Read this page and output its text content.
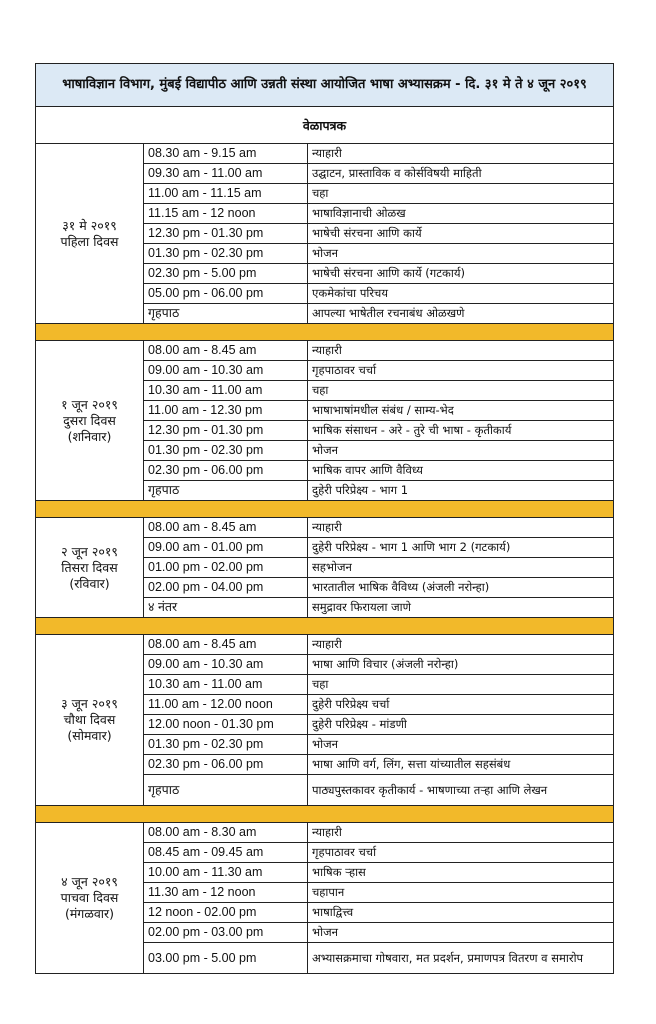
भाषाविज्ञान विभाग, मुंबई विद्यापीठ आणि उन्नती संस्था आयोजित भाषा अभ्यासक्रम - दि. ३१ मे ते ४ जून २०१९		
वेळापत्रक		

३१ मे २०१९
पहिला दिवस	08.30 am - 9.15 am	न्याहारी
	09.30 am - 11.00 am	उद्घाटन, प्रास्ताविक व कोर्सविषयी माहिती
	11.00 am - 11.15 am	चहा
	11.15 am - 12 noon	भाषाविज्ञानाची ओळख
	12.30 pm - 01.30 pm	भाषेची संरचना आणि कार्ये
	01.30 pm - 02.30 pm	भोजन
	02.30 pm - 5.00 pm	भाषेची संरचना आणि कार्ये (गटकार्य)
	05.00 pm - 06.00 pm	एकमेकांचा परिचय
	गृहपाठ	आपल्या भाषेतील रचनाबंध ओळखणे

१ जून २०१९
दुसरा दिवस
(शनिवार)	08.00 am - 8.45 am	न्याहारी
	09.00 am - 10.30 am	गृहपाठावर चर्चा
	10.30 am - 11.00 am	चहा
	11.00 am - 12.30 pm	भाषाभाषांमधील संबंध / साम्य-भेद
	12.30 pm - 01.30 pm	भाषिक संसाधन - अरे - तुरे ची भाषा - कृतीकार्य
	01.30 pm - 02.30 pm	भोजन
	02.30 pm - 06.00 pm	भाषिक वापर आणि वैविध्य
	गृहपाठ	दुहेरी परिप्रेक्ष्य - भाग 1

२ जून २०१९
तिसरा दिवस
(रविवार)	08.00 am - 8.45 am	न्याहारी
	09.00 am - 01.00 pm	दुहेरी परिप्रेक्ष्य - भाग 1 आणि भाग 2 (गटकार्य)
	01.00 pm - 02.00 pm	सहभोजन
	02.00 pm - 04.00 pm	भारतातील भाषिक वैविध्य (अंजली नरोन्हा)
	४ नंतर	समुद्रावर फिरायला जाणे

३ जून २०१९
चौथा दिवस
(सोमवार)	08.00 am - 8.45 am	न्याहारी
	09.00 am - 10.30 am	भाषा आणि विचार (अंजली नरोन्हा)
	10.30 am - 11.00 am	चहा
	11.00 am - 12.00 noon	दुहेरी परिप्रेक्ष्य चर्चा
	12.00 noon - 01.30 pm	दुहेरी परिप्रेक्ष्य - मांडणी
	01.30 pm - 02.30 pm	भोजन
	02.30 pm - 06.00 pm	भाषा आणि वर्ग, लिंग, सत्ता यांच्यातील सहसंबंध
	गृहपाठ	पाठ्यपुस्तकावर कृतीकार्य - भाषणाच्या तऱ्हा आणि लेखन

४ जून २०१९
पाचवा दिवस
(मंगळवार)	08.00 am - 8.30 am	न्याहारी
	08.45 am - 09.45 am	गृहपाठावर चर्चा
	10.00 am - 11.30 am	भाषिक ऱ्हास
	11.30 am - 12 noon	चहापान
	12 noon - 02.00 pm	भाषाद्वित्त्व
	02.00 pm - 03.00 pm	भोजन
	03.00 pm - 5.00 pm	अभ्यासक्रमाचा गोषवारा, मत प्रदर्शन, प्रमाणपत्र वितरण व समारोप
